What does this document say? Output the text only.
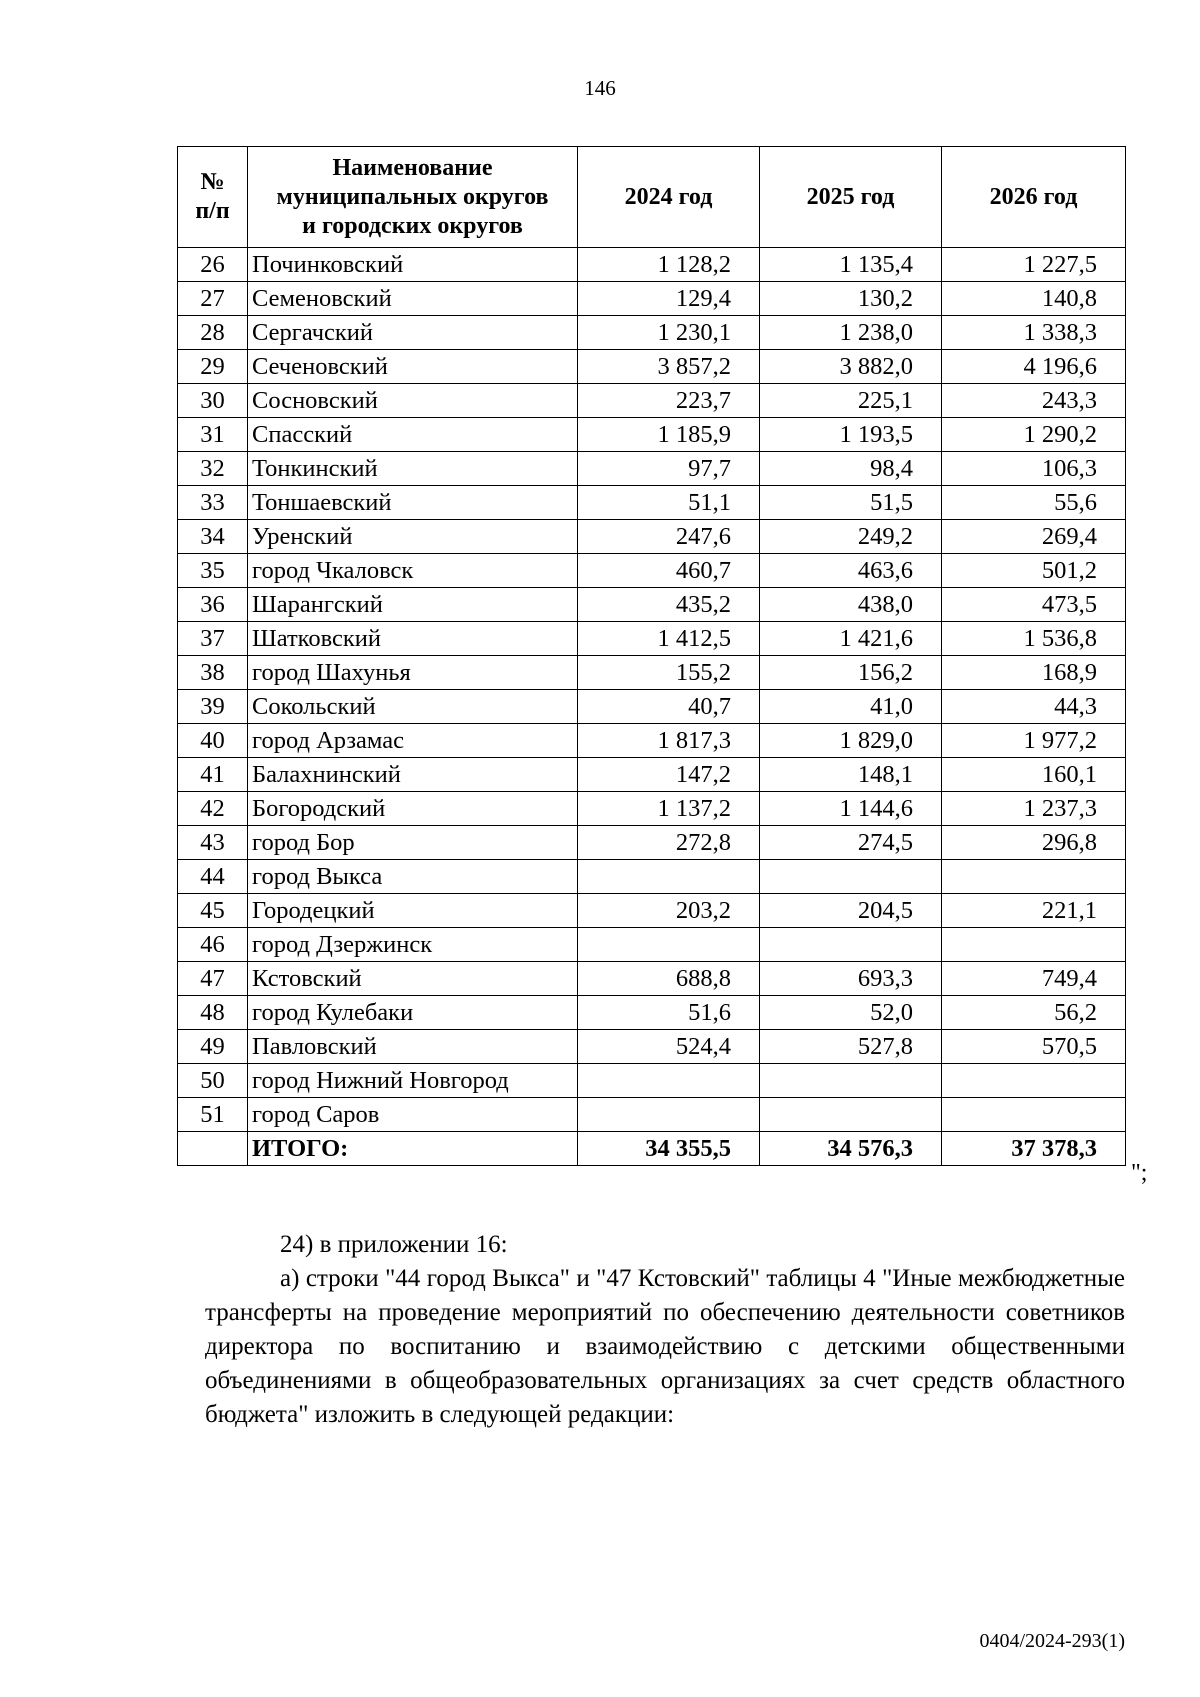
146
№
п/п	Наименование
муниципальных округов
и городских округов	2024 год	2025 год	2026 год
26	Починковский	1 128,2	1 135,4	1 227,5
27	Семеновский	129,4	130,2	140,8
28	Сергачский	1 230,1	1 238,0	1 338,3
29	Сеченовский	3 857,2	3 882,0	4 196,6
30	Сосновский	223,7	225,1	243,3
31	Спасский	1 185,9	1 193,5	1 290,2
32	Тонкинский	97,7	98,4	106,3
33	Тоншаевский	51,1	51,5	55,6
34	Уренский	247,6	249,2	269,4
35	город Чкаловск	460,7	463,6	501,2
36	Шарангский	435,2	438,0	473,5
37	Шатковский	1 412,5	1 421,6	1 536,8
38	город Шахунья	155,2	156,2	168,9
39	Сокольский	40,7	41,0	44,3
40	город Арзамас	1 817,3	1 829,0	1 977,2
41	Балахнинский	147,2	148,1	160,1
42	Богородский	1 137,2	1 144,6	1 237,3
43	город Бор	272,8	274,5	296,8
44	город Выкса			
45	Городецкий	203,2	204,5	221,1
46	город Дзержинск			
47	Кстовский	688,8	693,3	749,4
48	город Кулебаки	51,6	52,0	56,2
49	Павловский	524,4	527,8	570,5
50	город Нижний Новгород			
51	город Саров			
	ИТОГО:	34 355,5	34 576,3	37 378,3
";

24) в приложении 16:

а) строки "44 город Выкса" и "47 Кстовский" таблицы 4 "Иные межбюджетные трансферты на проведение мероприятий по обеспечению деятельности советников директора по воспитанию и взаимодействию с детскими общественными объединениями в общеобразовательных организациях за счет средств областного бюджета" изложить в следующей редакции:

0404/2024-293(1)
